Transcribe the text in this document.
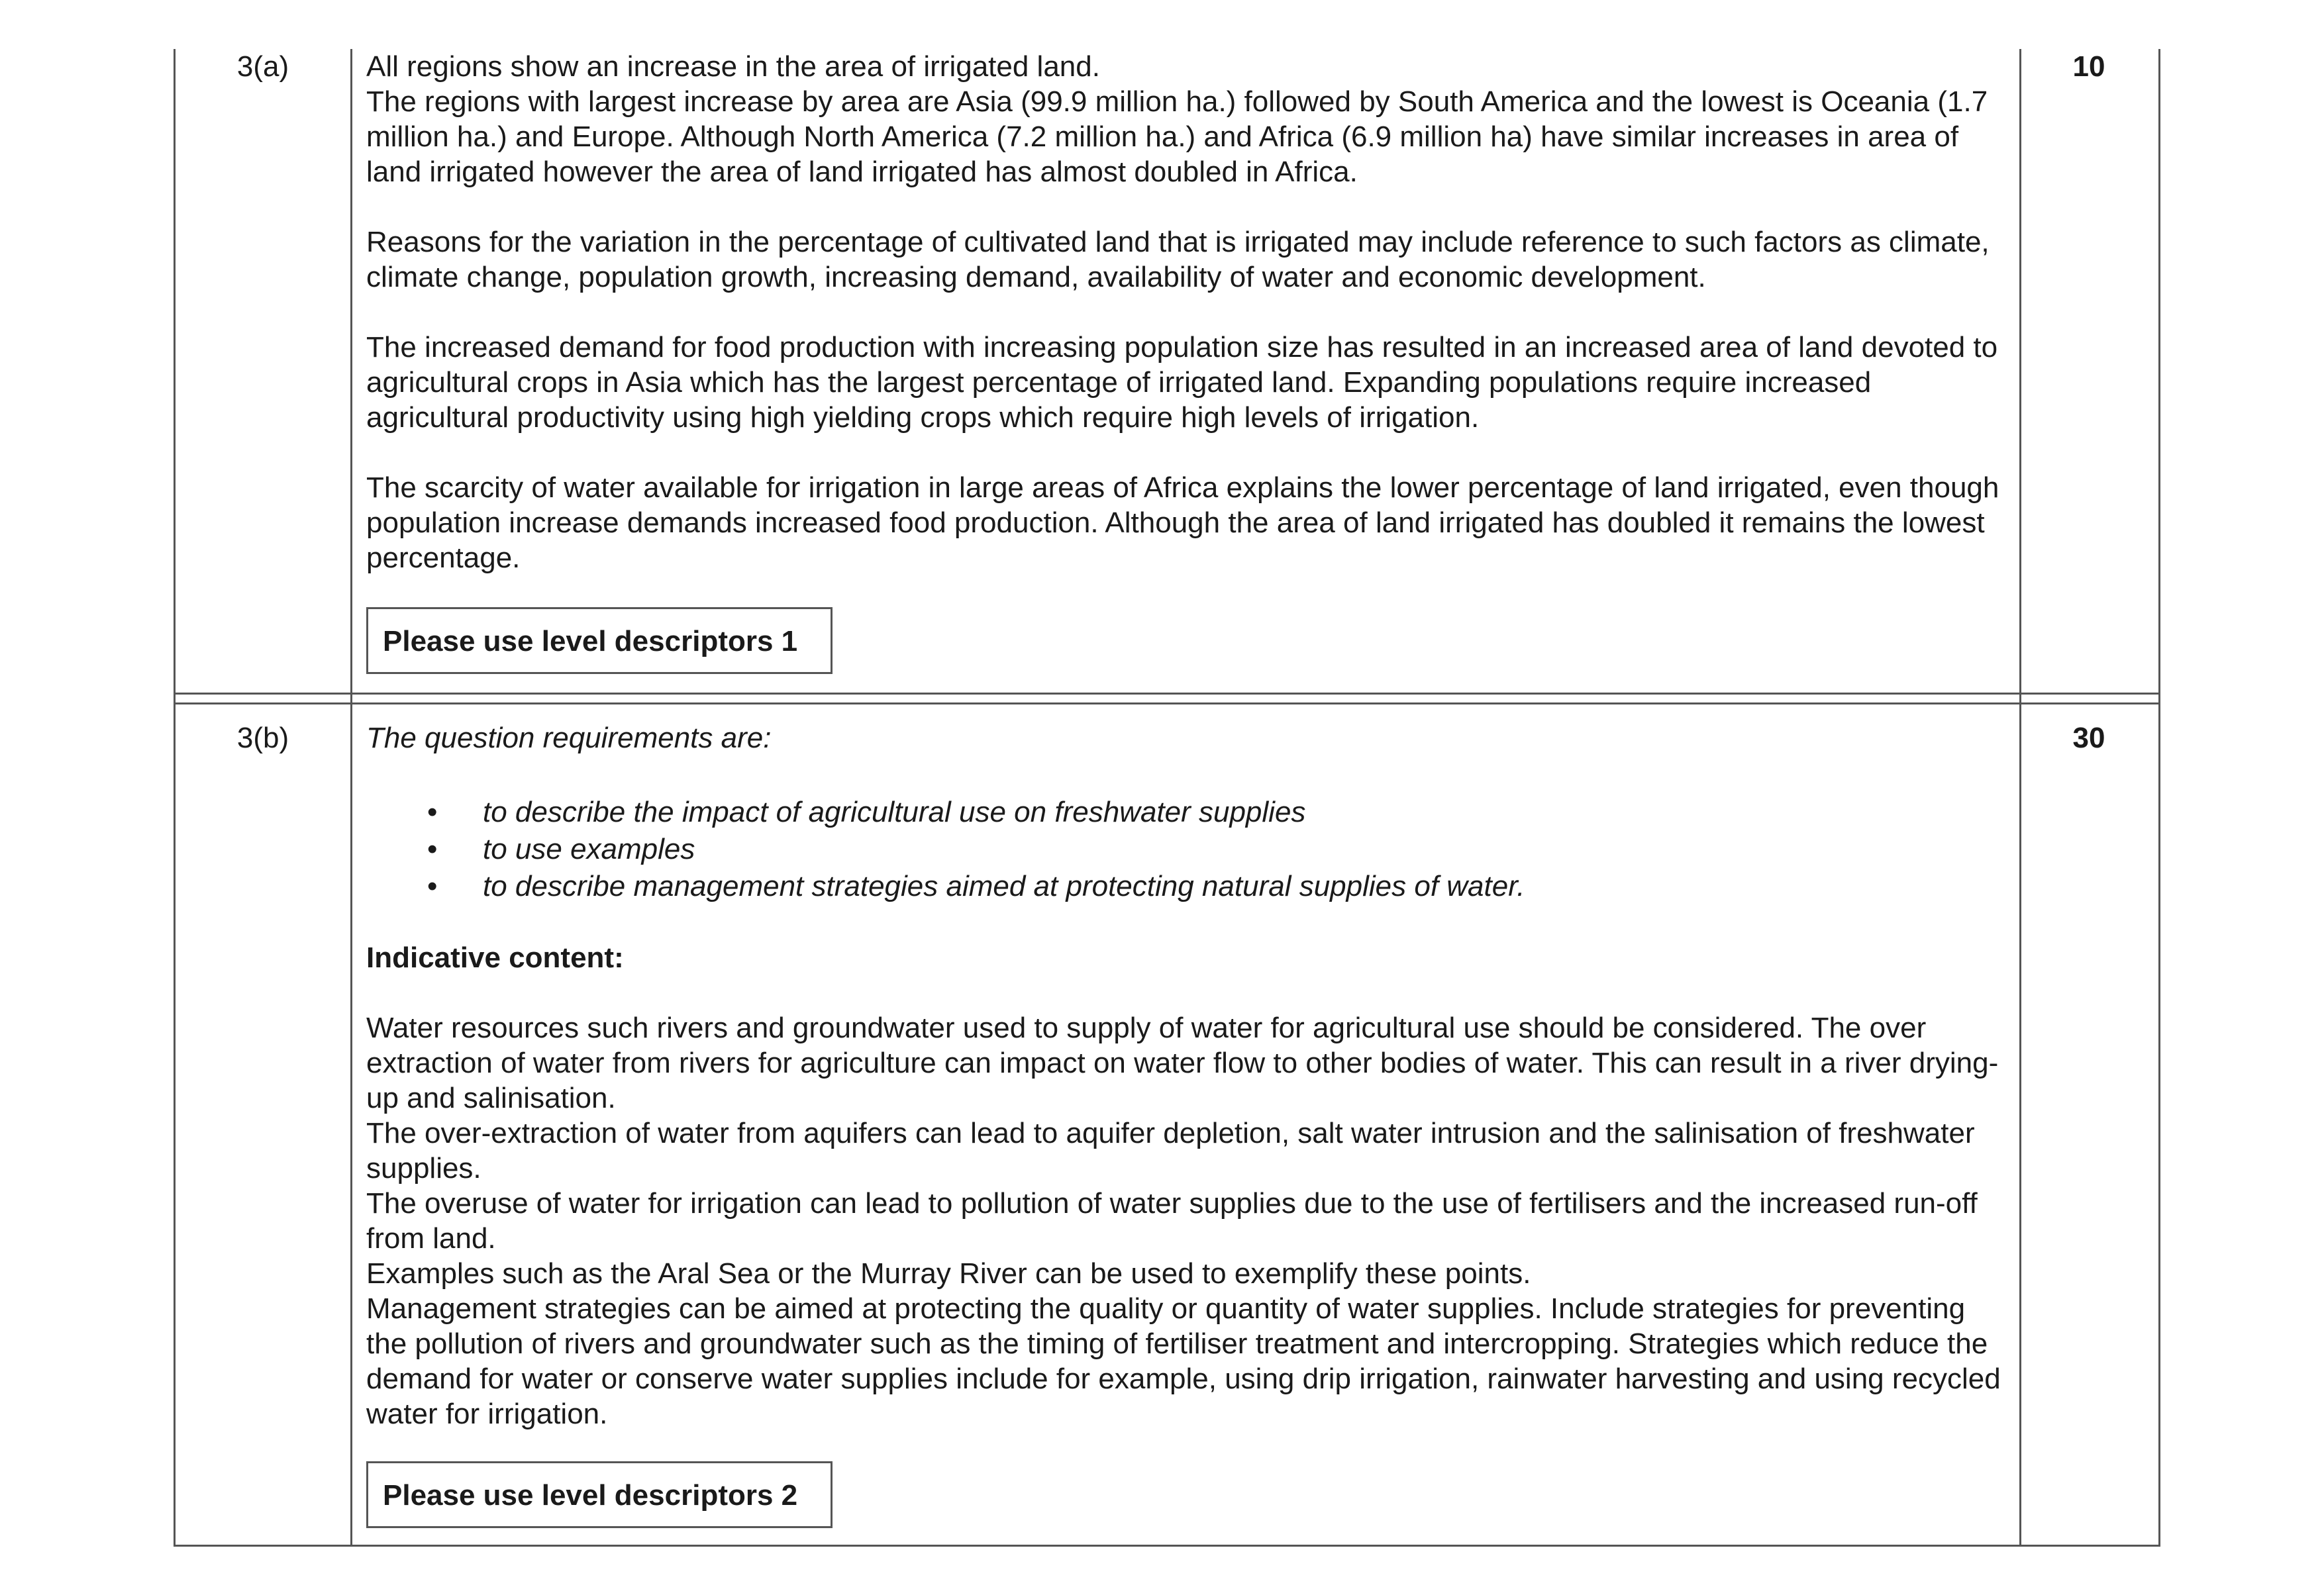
3(a)	10

All regions show an increase in the area of irrigated land.

The regions with largest increase by area are Asia (99.9 million ha.) followed by South America and the lowest is Oceania (1.7 million ha.) and Europe. Although North America (7.2 million ha.) and Africa (6.9 million ha) have similar increases in area of land irrigated however the area of land irrigated has almost doubled in Africa.

Reasons for the variation in the percentage of cultivated land that is irrigated may include reference to such factors as climate, climate change, population growth, increasing demand, availability of water and economic development.

The increased demand for food production with increasing population size has resulted in an increased area of land devoted to agricultural crops in Asia which has the largest percentage of irrigated land. Expanding populations require increased agricultural productivity using high yielding crops which require high levels of irrigation.

The scarcity of water available for irrigation in large areas of Africa explains the lower percentage of land irrigated, even though population increase demands increased food production. Although the area of land irrigated has doubled it remains the lowest percentage.

Please use level descriptors 1
3(b)	30

The question requirements are:

• to describe the impact of agricultural use on freshwater supplies
• to use examples
• to describe management strategies aimed at protecting natural supplies of water.

Indicative content:

Water resources such rivers and groundwater used to supply of water for agricultural use should be considered. The over extraction of water from rivers for agriculture can impact on water flow to other bodies of water. This can result in a river drying-up and salinisation.

The over-extraction of water from aquifers can lead to aquifer depletion, salt water intrusion and the salinisation of freshwater supplies.

The overuse of water for irrigation can lead to pollution of water supplies due to the use of fertilisers and the increased run-off from land.

Examples such as the Aral Sea or the Murray River can be used to exemplify these points.

Management strategies can be aimed at protecting the quality or quantity of water supplies. Include strategies for preventing the pollution of rivers and groundwater such as the timing of fertiliser treatment and intercropping. Strategies which reduce the demand for water or conserve water supplies include for example, using drip irrigation, rainwater harvesting and using recycled water for irrigation.

Please use level descriptors 2
